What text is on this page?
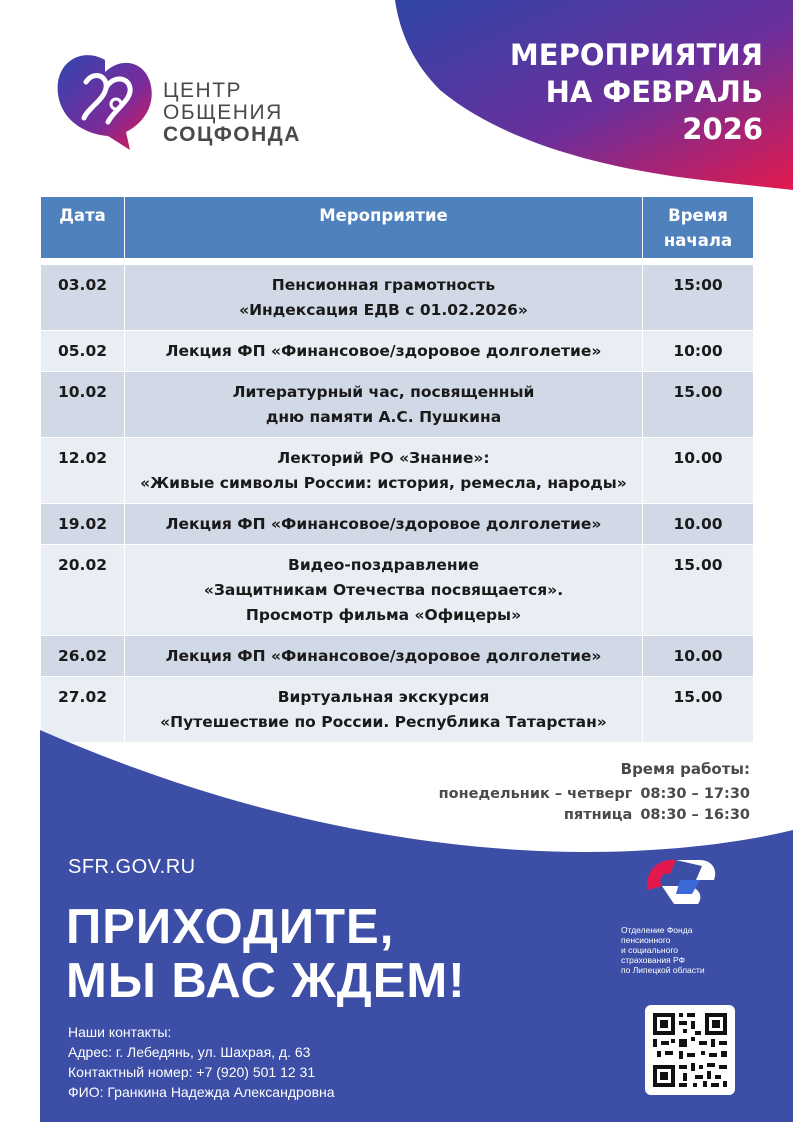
ЦЕНТР
ОБЩЕНИЯ
СОЦФОНДА
МЕРОПРИЯТИЯ
НА ФЕВРАЛЬ
2026
Дата	Мероприятие	Время
начала

03.02	Пенсионная грамотность
«Индексация ЕДВ с 01.02.2026»	15:00
05.02	Лекция ФП «Финансовое/здоровое долголетие»	10:00
10.02	Литературный час, посвященный
дню памяти А.С. Пушкина	15.00
12.02	Лекторий РО «Знание»:
«Живые символы России: история, ремесла, народы»	10.00
19.02	Лекция ФП «Финансовое/здоровое долголетие»	10.00
20.02	Видео-поздравление
«Защитникам Отечества посвящается».
Просмотр фильма «Офицеры»	15.00
26.02	Лекция ФП «Финансовое/здоровое долголетие»	10.00
27.02	Виртуальная экскурсия
«Путешествие по России. Республика Татарстан»	15.00
Время работы:
понедельник – четверг 08:30 – 17:30
пятница 08:30 – 16:30
SFR.GOV.RU
ПРИХОДИТЕ,
МЫ ВАС ЖДЕМ!
Наши контакты:
Адрес: г. Лебедянь, ул. Шахрая, д. 63
Контактный номер: +7 (920) 501 12 31
ФИО: Гранкина Надежда Александровна
Отделение Фонда
пенсионного
и социального
страхования РФ
по Липецкой области
